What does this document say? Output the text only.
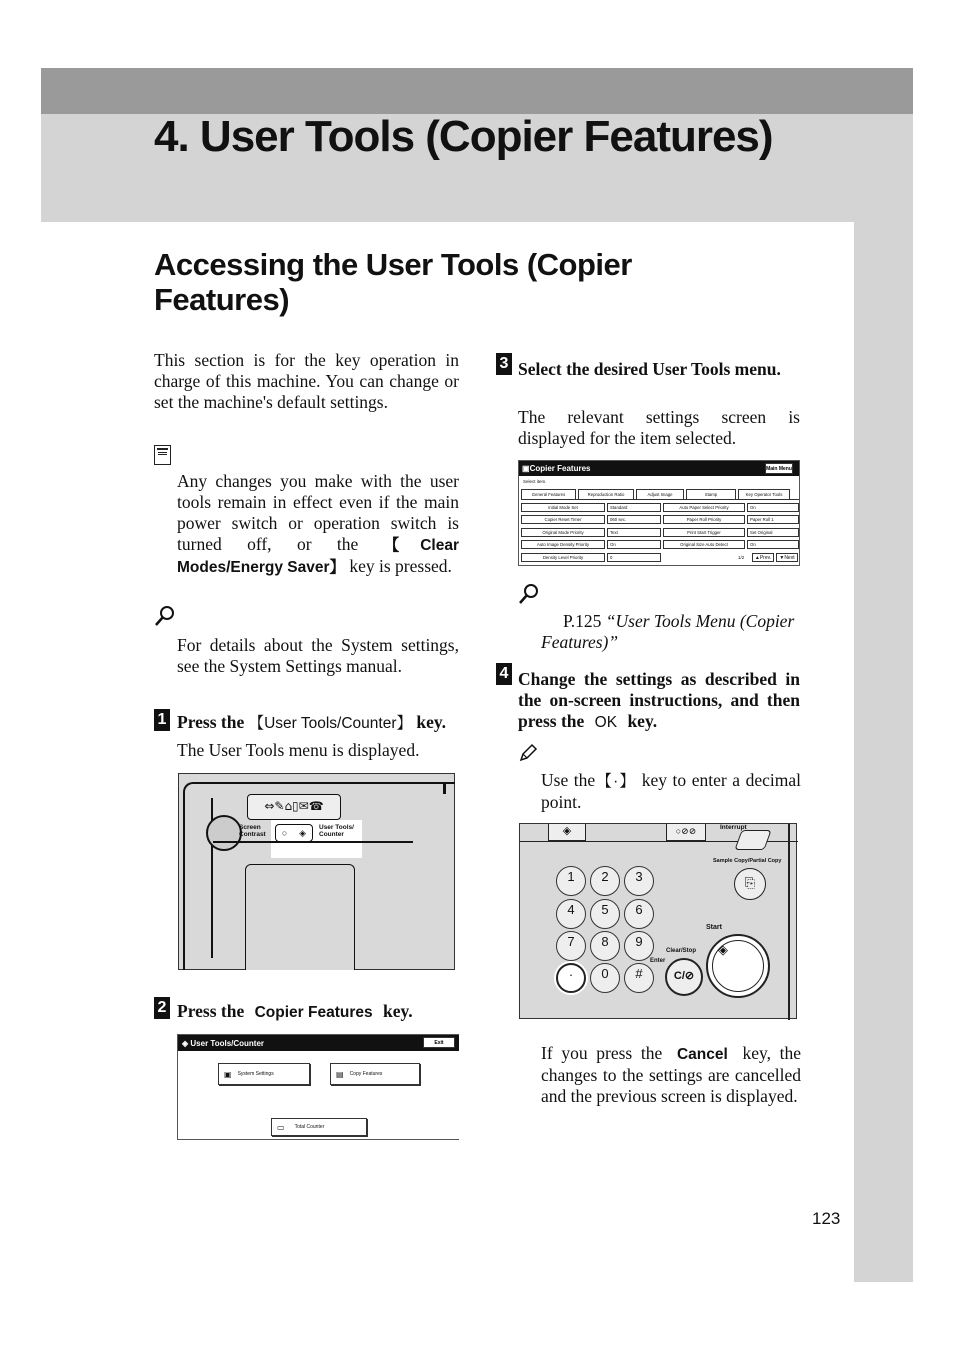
4. User Tools (Copier Features)
Accessing the User Tools (Copier Features)
This section is for the key operation in charge of this machine. You can change or set the machine's default settings.
Any changes you make with the user tools remain in effect even if the main power switch or operation switch is turned off, or the 【Clear Modes/Energy Saver】 key is pressed.
For details about the System settings, see the System Settings manual.
1 Press the 【User Tools/Counter】 key.
The User Tools menu is displayed.
⇔✎⌂▯✉☎
Screen Contrast	○ ◈ User Tools/ Counter
2 Press the Copier Features key.
◈
User Tools/Counter	Exit
▣ System Settings	▤ Copy Features
▭ Total Counter
3 Select the desired User Tools menu.
The relevant settings screen is displayed for the item selected.
▣ Copier Features	Main Menu
Select item.
General Features	Reproduction Ratio	Adjust Image	Stamp	Key Operator Tools
Initial Mode Set	Standard	Auto Paper Select Priority	On
Copier Reset Timer	060 sec.	Paper Roll Priority	Paper Roll 1
Original Mode Priority	Text	Print Start Trigger	Set Original
Auto Image Density Priority	On	Original Size Auto Detect	On
Density Level Priority	0	1/2	▲Prev.	▼Next
P.125 “User Tools Menu (Copier Features)”
4 Change the settings as described in the on-screen instructions, and then press the OK key.
Use the【·】 key to enter a decimal point.
◈	○⊘⊘	Interrupt
Sample Copy/Partial Copy
⎘
1	2	3
4	5	6
7	8	9
·	0	#
Start
◈
Clear/Stop
Enter
C/⊘
If you press the Cancel key, the changes to the settings are cancelled and the previous screen is displayed.
123
